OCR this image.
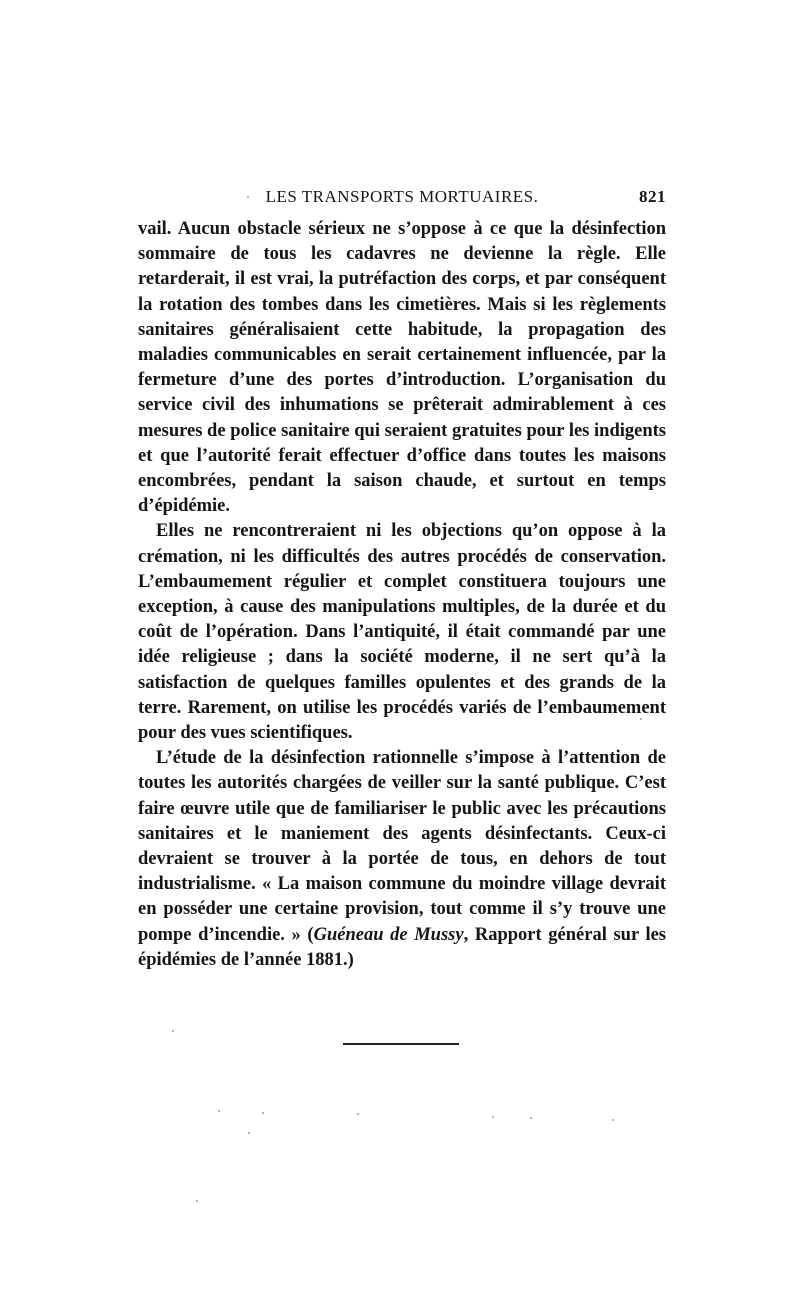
LES TRANSPORTS MORTUAIRES.	821

vail. Aucun obstacle sérieux ne s’oppose à ce que la désinfection sommaire de tous les cadavres ne devienne la règle. Elle retarderait, il est vrai, la putréfaction des corps, et par conséquent la rotation des tombes dans les cimetières. Mais si les règlements sanitaires généralisaient cette habitude, la propagation des maladies communicables en serait certainement influencée, par la fermeture d’une des portes d’introduction. L’organisation du service civil des inhumations se prêterait admirablement à ces mesures de police sanitaire qui seraient gratuites pour les indigents et que l’autorité ferait effectuer d’office dans toutes les maisons encombrées, pendant la saison chaude, et surtout en temps d’épidémie.

Elles ne rencontreraient ni les objections qu’on oppose à la crémation, ni les difficultés des autres procédés de conservation. L’embaumement régulier et complet constituera toujours une exception, à cause des manipulations multiples, de la durée et du coût de l’opération. Dans l’antiquité, il était commandé par une idée religieuse ; dans la société moderne, il ne sert qu’à la satisfaction de quelques familles opulentes et des grands de la terre. Rarement, on utilise les procédés variés de l’embaumement pour des vues scientifiques.

L’étude de la désinfection rationnelle s’impose à l’attention de toutes les autorités chargées de veiller sur la santé publique. C’est faire œuvre utile que de familiariser le public avec les précautions sanitaires et le maniement des agents désinfectants. Ceux-ci devraient se trouver à la portée de tous, en dehors de tout industrialisme. « La maison commune du moindre village devrait en posséder une certaine provision, tout comme il s’y trouve une pompe d’incendie. » (Guéneau de Mussy, Rapport général sur les épidémies de l’année 1881.)
